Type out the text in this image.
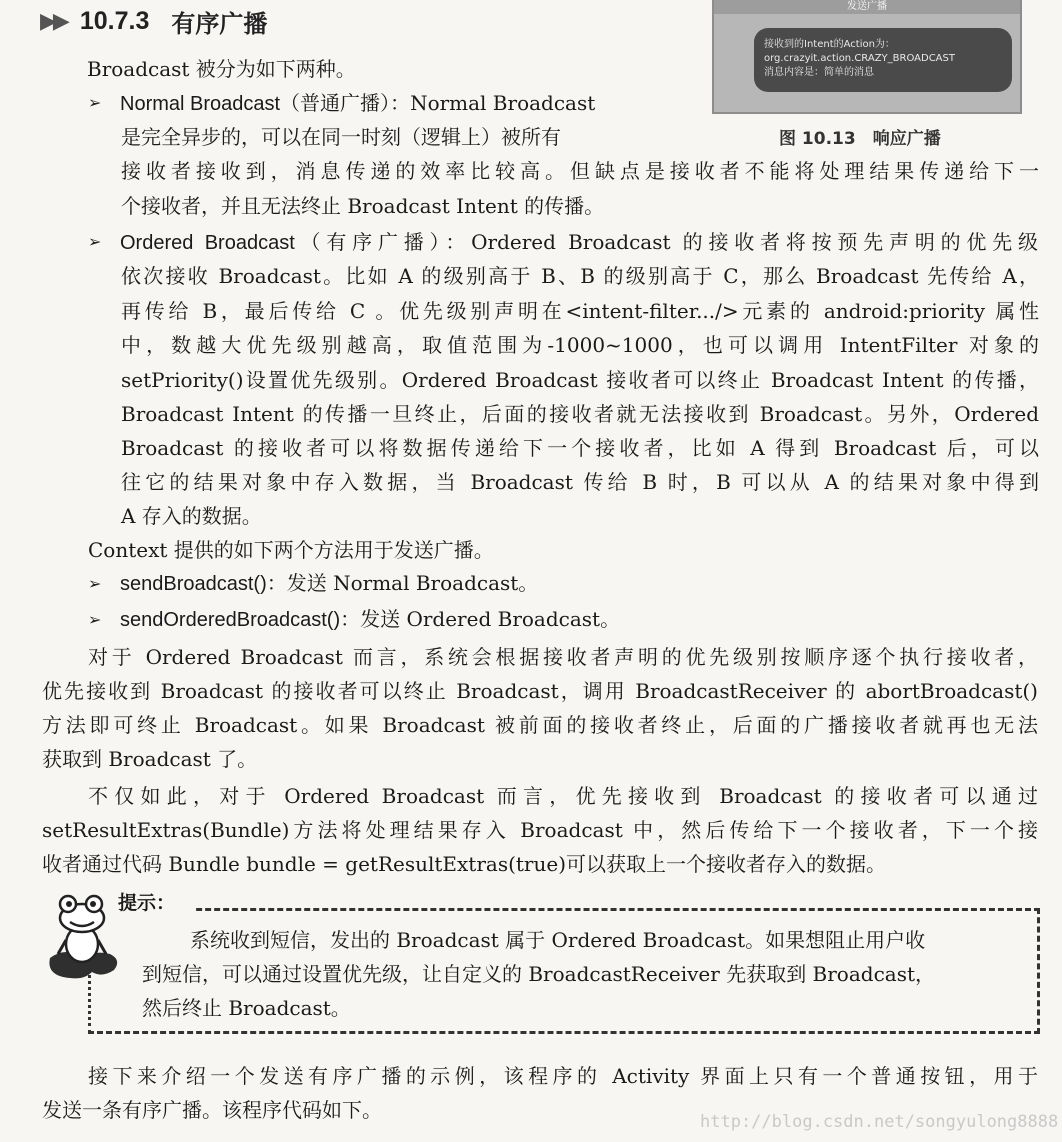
▶▶ 10.7.3 有序广播
发送广播
接收到的Intent的Action为：
org.crazyit.action.CRAZY_BROADCAST
消息内容是：简单的消息
图 10.13　响应广播
Broadcast 被分为如下两种。
➢ Normal Broadcast（普通广播）：Normal Broadcast
是完全异步的，可以在同一时刻（逻辑上）被所有
接收者接收到，消息传递的效率比较高。但缺点是接收者不能将处理结果传递给下一
个接收者，并且无法终止 Broadcast Intent 的传播。
➢ Ordered Broadcast（有序广播）：Ordered Broadcast 的接收者将按预先声明的优先级
依次接收 Broadcast。比如 A 的级别高于 B、B 的级别高于 C，那么 Broadcast 先传给 A，
再传给 B，最后传给 C 。优先级别声明在<intent-filter.../>元素的 android:priority 属性
中，数越大优先级别越高，取值范围为-1000~1000，也可以调用 IntentFilter 对象的
setPriority()设置优先级别。Ordered Broadcast 接收者可以终止 Broadcast Intent 的传播，
Broadcast Intent 的传播一旦终止，后面的接收者就无法接收到 Broadcast。另外，Ordered
Broadcast 的接收者可以将数据传递给下一个接收者，比如 A 得到 Broadcast 后，可以
往它的结果对象中存入数据，当 Broadcast 传给 B 时，B 可以从 A 的结果对象中得到
A 存入的数据。
Context 提供的如下两个方法用于发送广播。
➢ sendBroadcast()：发送 Normal Broadcast。
➢ sendOrderedBroadcast()：发送 Ordered Broadcast。
对于 Ordered Broadcast 而言，系统会根据接收者声明的优先级别按顺序逐个执行接收者，
优先接收到 Broadcast 的接收者可以终止 Broadcast，调用 BroadcastReceiver 的 abortBroadcast()
方法即可终止 Broadcast。如果 Broadcast 被前面的接收者终止，后面的广播接收者就再也无法
获取到 Broadcast 了。
不仅如此，对于 Ordered Broadcast 而言，优先接收到 Broadcast 的接收者可以通过
setResultExtras(Bundle)方法将处理结果存入 Broadcast 中，然后传给下一个接收者，下一个接
收者通过代码 Bundle bundle = getResultExtras(true)可以获取上一个接收者存入的数据。
提示：
系统收到短信，发出的 Broadcast 属于 Ordered Broadcast。如果想阻止用户收
到短信，可以通过设置优先级，让自定义的 BroadcastReceiver 先获取到 Broadcast，
然后终止 Broadcast。
接下来介绍一个发送有序广播的示例，该程序的 Activity 界面上只有一个普通按钮，用于
发送一条有序广播。该程序代码如下。	http://blog.csdn.net/songyulong8888
